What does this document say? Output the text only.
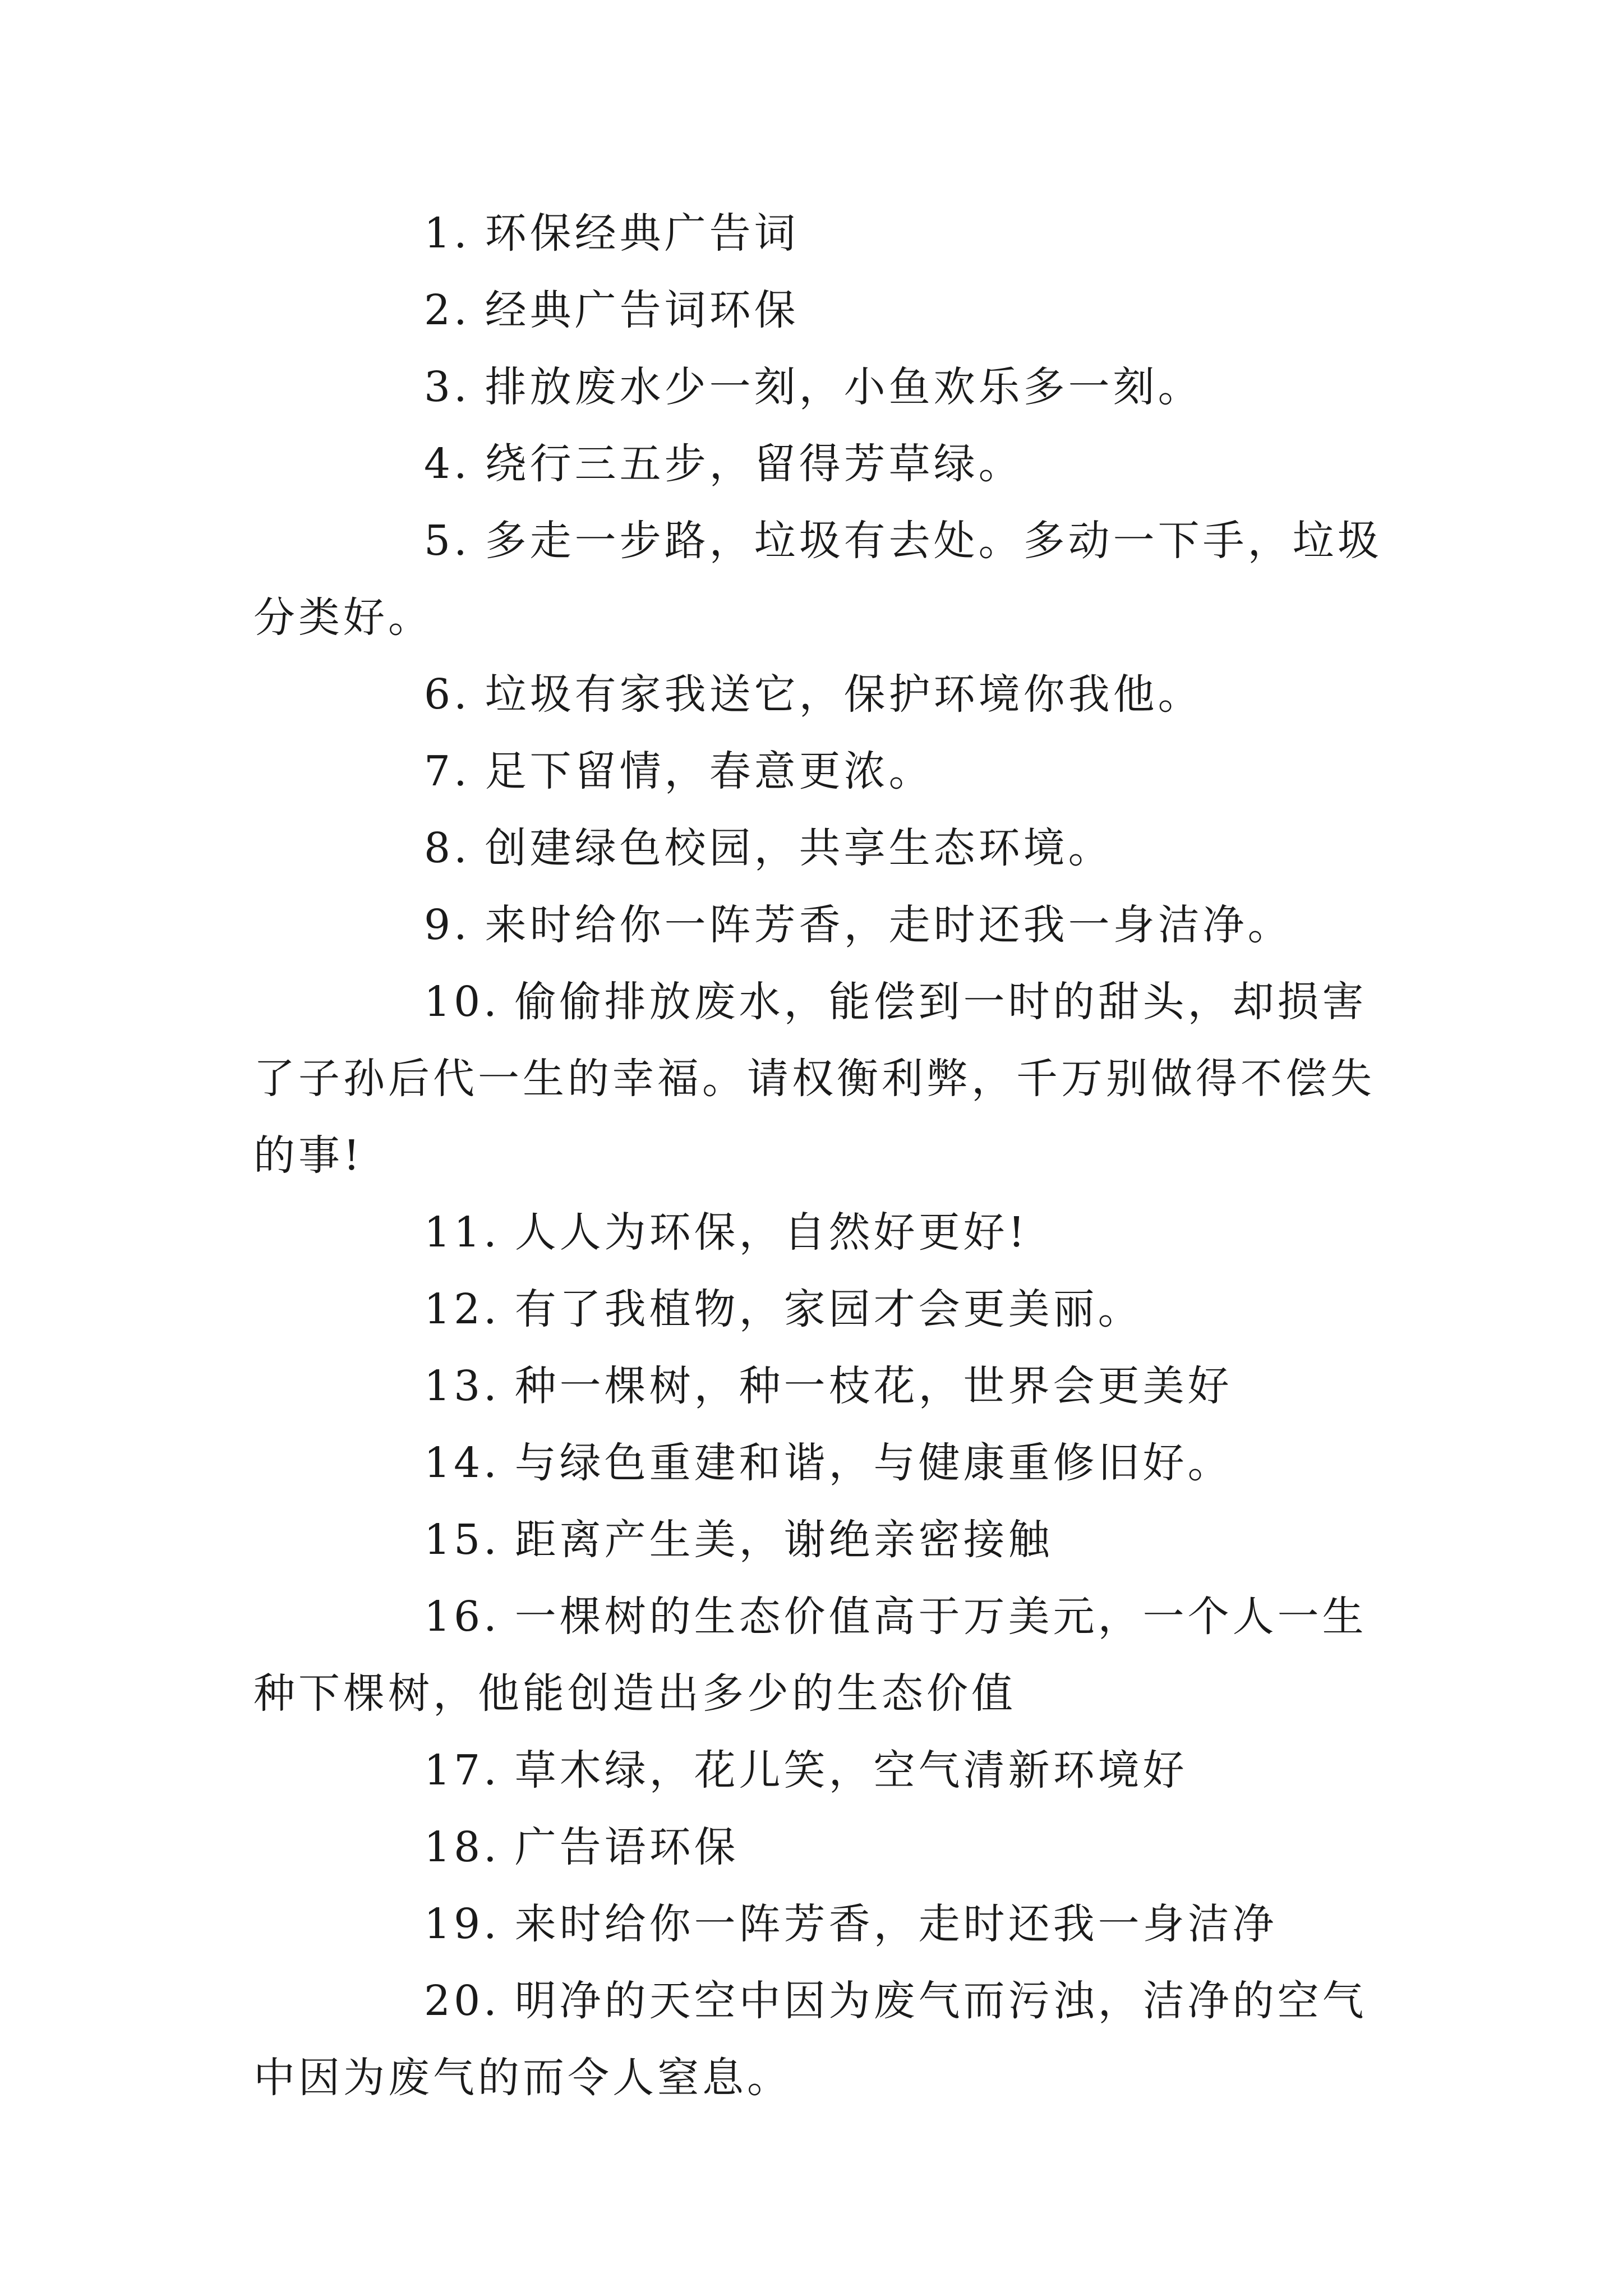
1. 环保经典广告词

2. 经典广告词环保

3. 排放废水少一刻，小鱼欢乐多一刻。

4. 绕行三五步，留得芳草绿。

5. 多走一步路，垃圾有去处。多动一下手，垃圾分类好。

6. 垃圾有家我送它，保护环境你我他。

7. 足下留情，春意更浓。

8. 创建绿色校园，共享生态环境。

9. 来时给你一阵芳香，走时还我一身洁净。

10. 偷偷排放废水，能偿到一时的甜头，却损害了子孙后代一生的幸福。请权衡利弊，千万别做得不偿失的事!

11. 人人为环保，自然好更好!

12. 有了我植物，家园才会更美丽。

13. 种一棵树，种一枝花，世界会更美好

14. 与绿色重建和谐，与健康重修旧好。

15. 距离产生美，谢绝亲密接触

16. 一棵树的生态价值高于万美元，一个人一生种下棵树，他能创造出多少的生态价值

17. 草木绿，花儿笑，空气清新环境好

18. 广告语环保

19. 来时给你一阵芳香，走时还我一身洁净

20. 明净的天空中因为废气而污浊，洁净的空气中因为废气的而令人窒息。
